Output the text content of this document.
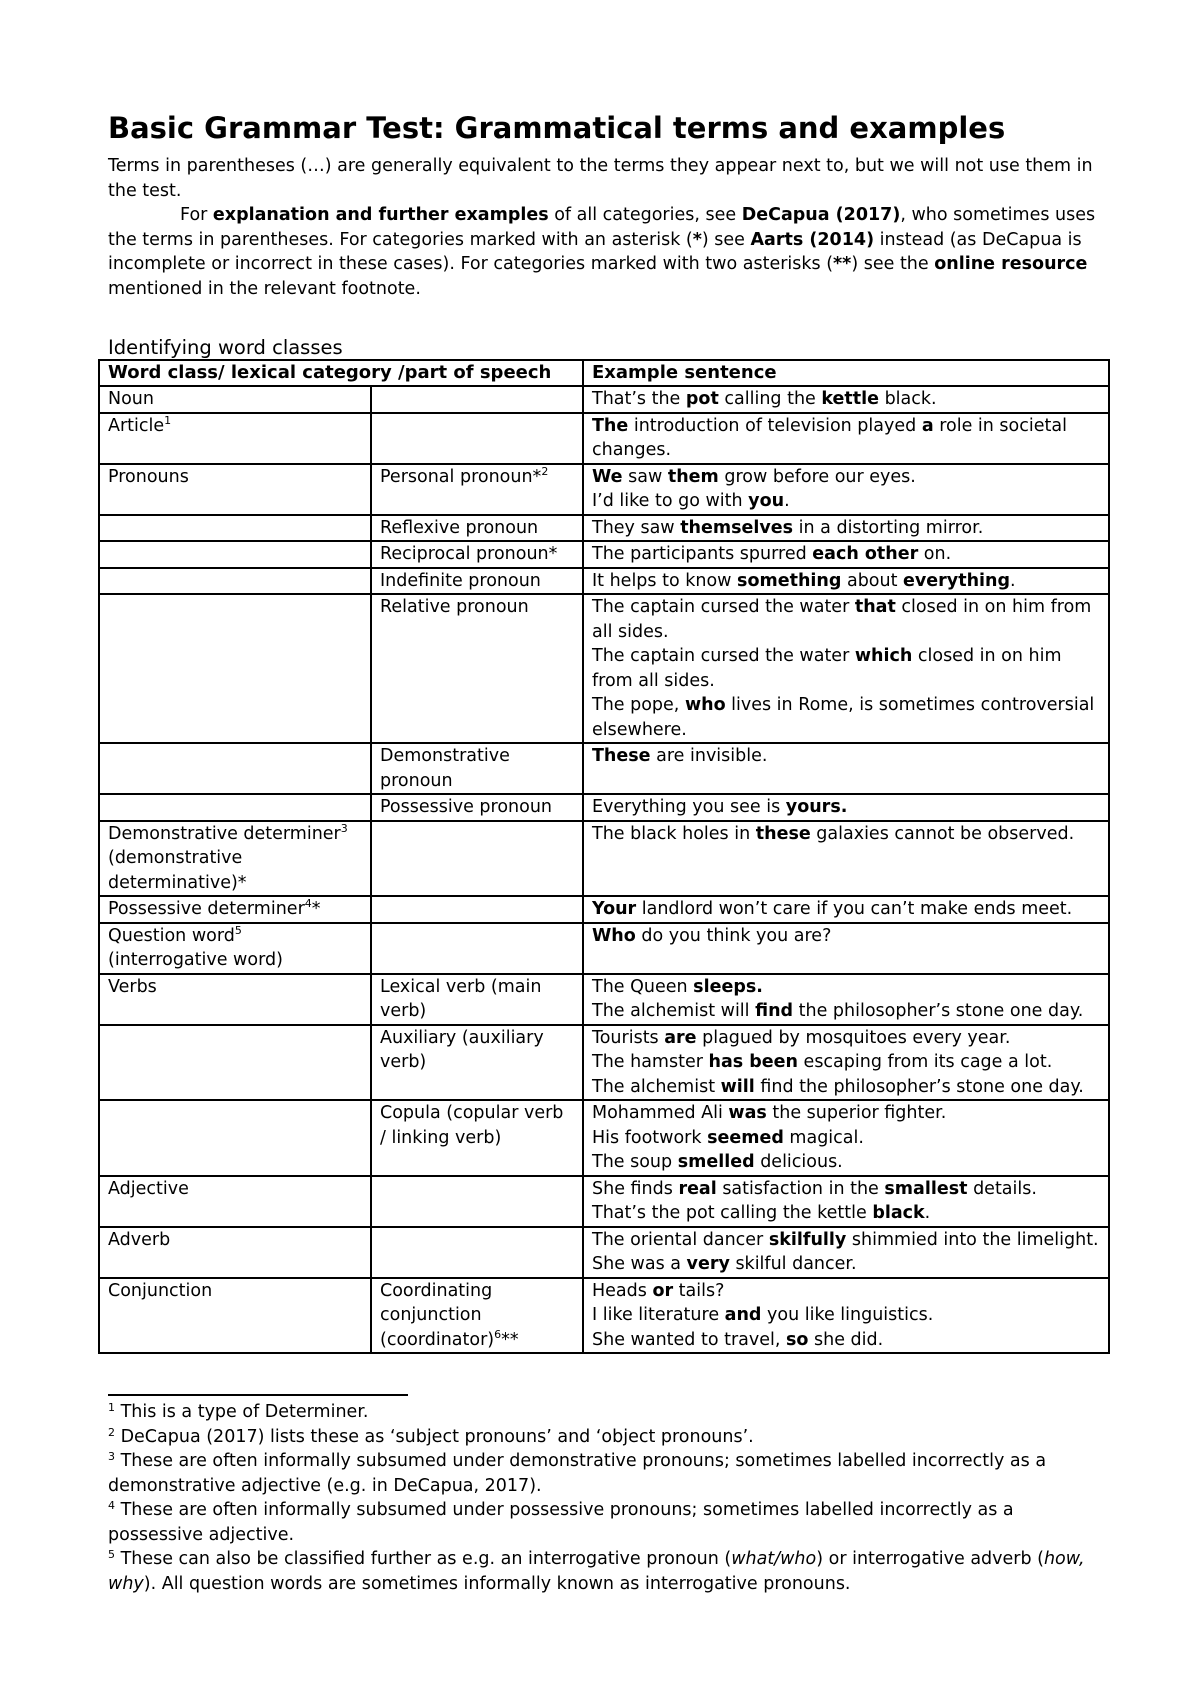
Basic Grammar Test: Grammatical terms and examples

Terms in parentheses (…) are generally equivalent to the terms they appear next to, but we will not use them in the test.

For explanation and further examples of all categories, see DeCapua (2017), who sometimes uses the terms in parentheses. For categories marked with an asterisk (*) see Aarts (2014) instead (as DeCapua is incomplete or incorrect in these cases). For categories marked with two asterisks (**) see the online resource mentioned in the relevant footnote.

Identifying word classes
Word class/ lexical category /part of speech		Example sentence
Noun		That’s the pot calling the kettle black.

Article$^1$		The introduction of television played a role in societal changes.

Pronouns	Personal pronoun*$^2$	We saw them grow before our eyes.
I’d like to go with you.

	Reflexive pronoun	They saw themselves in a distorting mirror.

	Reciprocal pronoun*	The participants spurred each other on.

	Indefinite pronoun	It helps to know something about everything.

	Relative pronoun	The captain cursed the water that closed in on him from all sides.
The captain cursed the water which closed in on him from all sides.
The pope, who lives in Rome, is sometimes controversial elsewhere.

	Demonstrative pronoun	These are invisible.

	Possessive pronoun	Everything you see is yours.

Demonstrative determiner$^3$ (demonstrative determinative)*		The black holes in these galaxies cannot be observed.

Possessive determiner$^4$*		Your landlord won’t care if you can’t make ends meet.

Question word$^5$ (interrogative word)		Who do you think you are?

Verbs	Lexical verb (main verb)	The Queen sleeps.
The alchemist will find the philosopher’s stone one day.

	Auxiliary (auxiliary verb)	Tourists are plagued by mosquitoes every year.
The hamster has been escaping from its cage a lot.
The alchemist will find the philosopher’s stone one day.

	Copula (copular verb / linking verb)	Mohammed Ali was the superior fighter.
His footwork seemed magical.
The soup smelled delicious.

Adjective		She finds real satisfaction in the smallest details.
That’s the pot calling the kettle black.

Adverb		The oriental dancer skilfully shimmied into the limelight.
She was a very skilful dancer.

Conjunction	Coordinating conjunction (coordinator)$^6$**	Heads or tails?
I like literature and you like linguistics.
She wanted to travel, so she did.

$^1$ This is a type of Determiner.

$^2$ DeCapua (2017) lists these as ‘subject pronouns’ and ‘object pronouns’.

$^3$ These are often informally subsumed under demonstrative pronouns; sometimes labelled incorrectly as a demonstrative adjective (e.g. in DeCapua, 2017).

$^4$ These are often informally subsumed under possessive pronouns; sometimes labelled incorrectly as a possessive adjective.

$^5$ These can also be classified further as e.g. an interrogative pronoun (what/who) or interrogative adverb (how, why). All question words are sometimes informally known as interrogative pronouns.
